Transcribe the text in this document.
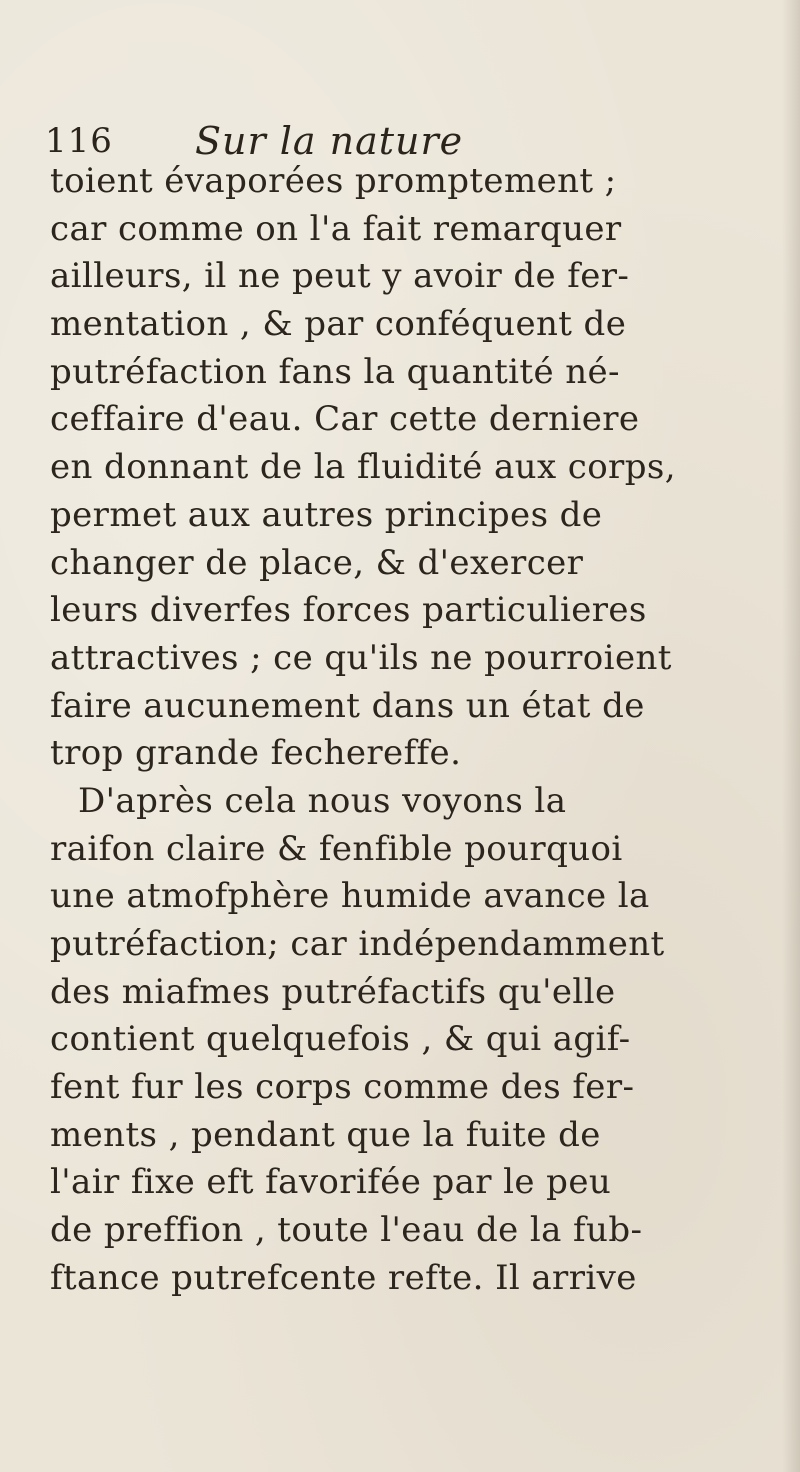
116 Sur la nature
toient évaporées promptement ;
car comme on l'a fait remarquer
ailleurs, il ne peut y avoir de fer-
mentation , & par conféquent de
putréfaction fans la quantité né-
ceffaire d'eau. Car cette derniere
en donnant de la fluidité aux corps,
permet aux autres principes de
changer de place, & d'exercer
leurs diverfes forces particulieres
attractives ; ce qu'ils ne pourroient
faire aucunement dans un état de
trop grande fechereffe.
D'après cela nous voyons la
raifon claire & fenfible pourquoi
une atmofphère humide avance la
putréfaction; car indépendamment
des miafmes putréfactifs qu'elle
contient quelquefois , & qui agif-
fent fur les corps comme des fer-
ments , pendant que la fuite de
l'air fixe eft favorifée par le peu
de preffion , toute l'eau de la fub-
ftance putrefcente refte. Il arrive
